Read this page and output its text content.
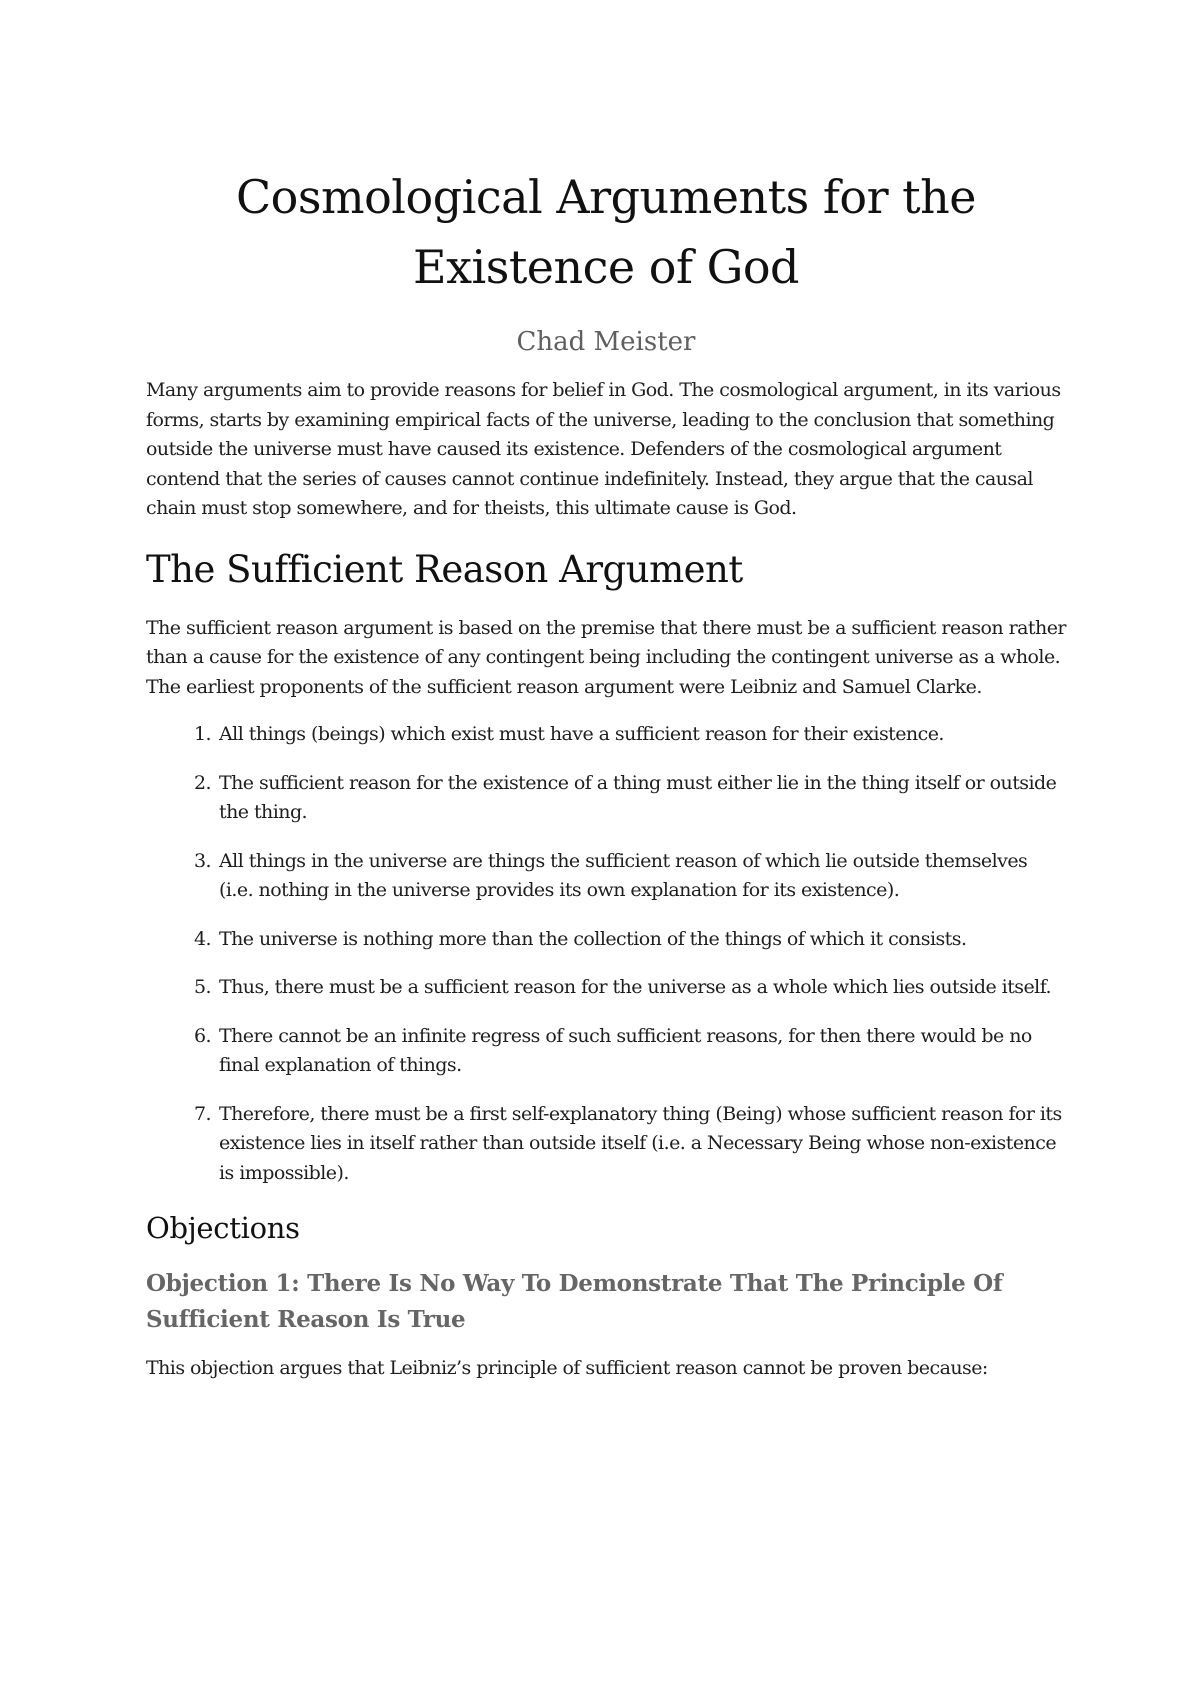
Cosmological Arguments for the Existence of God
Chad Meister

Many arguments aim to provide reasons for belief in God. The cosmological argument, in its various forms, starts by examining empirical facts of the universe, leading to the conclusion that something outside the universe must have caused its existence. Defenders of the cosmological argument contend that the series of causes cannot continue indefinitely. Instead, they argue that the causal chain must stop somewhere, and for theists, this ultimate cause is God.

The Sufficient Reason Argument

The sufficient reason argument is based on the premise that there must be a sufficient reason rather than a cause for the existence of any contingent being including the contingent universe as a whole. The earliest proponents of the sufficient reason argument were Leibniz and Samuel Clarke.

1. All things (beings) which exist must have a sufficient reason for their existence.
2. The sufficient reason for the existence of a thing must either lie in the thing itself or outside the thing.
3. All things in the universe are things the sufficient reason of which lie outside themselves (i.e. nothing in the universe provides its own explanation for its existence).
4. The universe is nothing more than the collection of the things of which it consists.
5. Thus, there must be a sufficient reason for the universe as a whole which lies outside itself.
6. There cannot be an infinite regress of such sufficient reasons, for then there would be no final explanation of things.
7. Therefore, there must be a first self-explanatory thing (Being) whose sufficient reason for its existence lies in itself rather than outside itself (i.e. a Necessary Being whose non-existence is impossible).
Objections
Objection 1: There Is No Way To Demonstrate That The Principle Of Sufficient Reason Is True

This objection argues that Leibniz’s principle of sufficient reason cannot be proven because:
